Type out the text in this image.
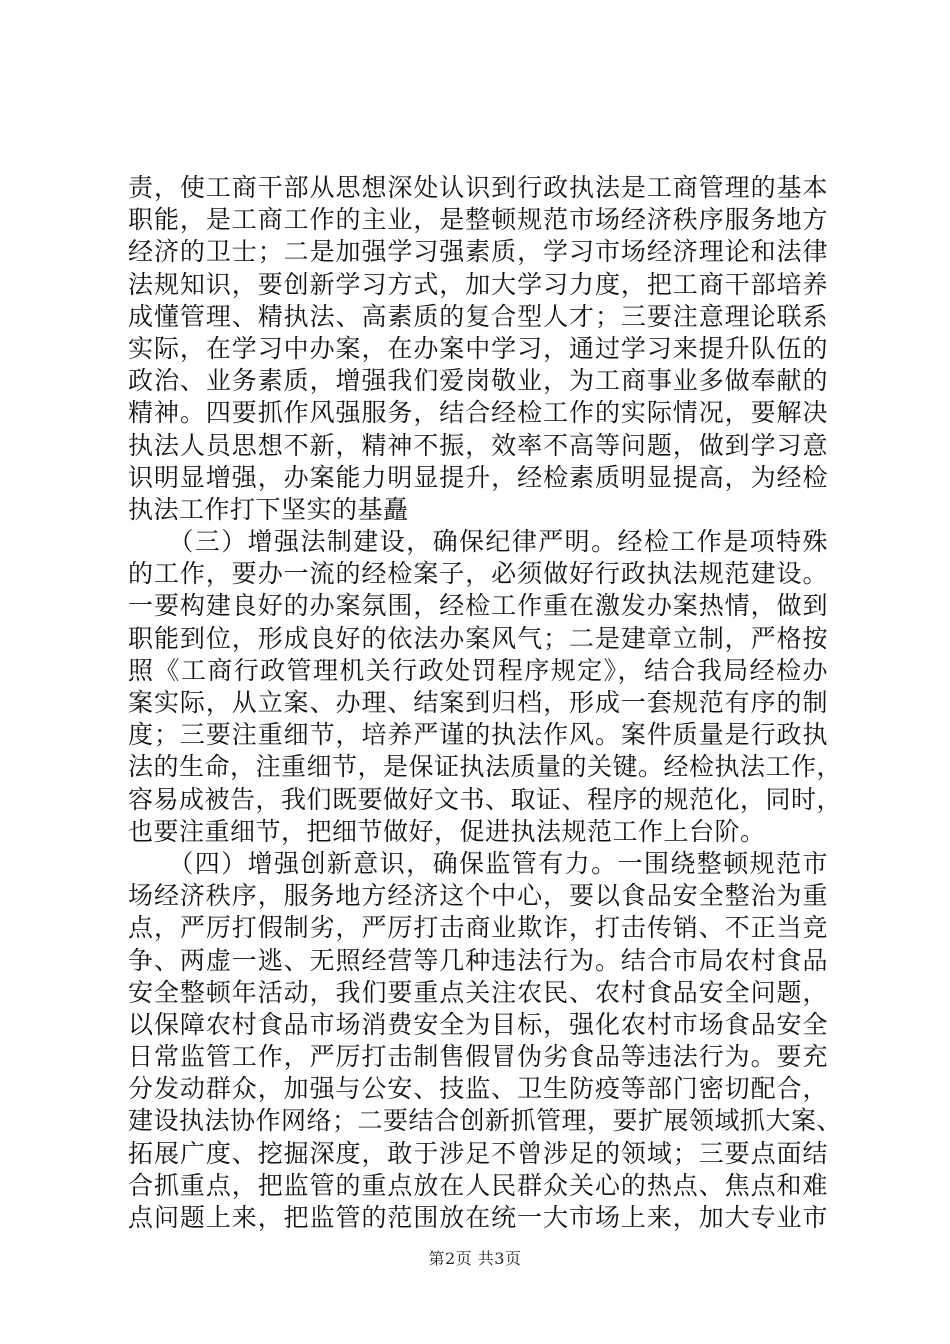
责，使工商干部从思想深处认识到行政执法是工商管理的基本
职能，是工商工作的主业，是整顿规范市场经济秩序服务地方
经济的卫士；二是加强学习强素质，学习市场经济理论和法律
法规知识，要创新学习方式，加大学习力度，把工商干部培养
成懂管理、精执法、高素质的复合型人才；三要注意理论联系
实际，在学习中办案，在办案中学习，通过学习来提升队伍的
政治、业务素质，增强我们爱岗敬业，为工商事业多做奉献的
精神。四要抓作风强服务，结合经检工作的实际情况，要解决
执法人员思想不新，精神不振，效率不高等问题，做到学习意
识明显增强，办案能力明显提升，经检素质明显提高，为经检
执法工作打下坚实的基矗
　　（三）增强法制建设，确保纪律严明。经检工作是项特殊
的工作，要办一流的经检案子，必须做好行政执法规范建设。
一要构建良好的办案氛围，经检工作重在激发办案热情，做到
职能到位，形成良好的依法办案风气；二是建章立制，严格按
照《工商行政管理机关行政处罚程序规定》，结合我局经检办
案实际，从立案、办理、结案到归档，形成一套规范有序的制
度；三要注重细节，培养严谨的执法作风。案件质量是行政执
法的生命，注重细节，是保证执法质量的关键。经检执法工作，
容易成被告，我们既要做好文书、取证、程序的规范化，同时，
也要注重细节，把细节做好，促进执法规范工作上台阶。
　　（四）增强创新意识，确保监管有力。一围绕整顿规范市
场经济秩序，服务地方经济这个中心，要以食品安全整治为重
点，严厉打假制劣，严厉打击商业欺诈，打击传销、不正当竞
争、两虚一逃、无照经营等几种违法行为。结合市局农村食品
安全整顿年活动，我们要重点关注农民、农村食品安全问题，
以保障农村食品市场消费安全为目标，强化农村市场食品安全
日常监管工作，严厉打击制售假冒伪劣食品等违法行为。要充
分发动群众，加强与公安、技监、卫生防疫等部门密切配合，
建设执法协作网络；二要结合创新抓管理，要扩展领域抓大案、
拓展广度、挖掘深度，敢于涉足不曾涉足的领域；三要点面结
合抓重点，把监管的重点放在人民群众关心的热点、焦点和难
点问题上来，把监管的范围放在统一大市场上来，加大专业市
第2页 共3页
